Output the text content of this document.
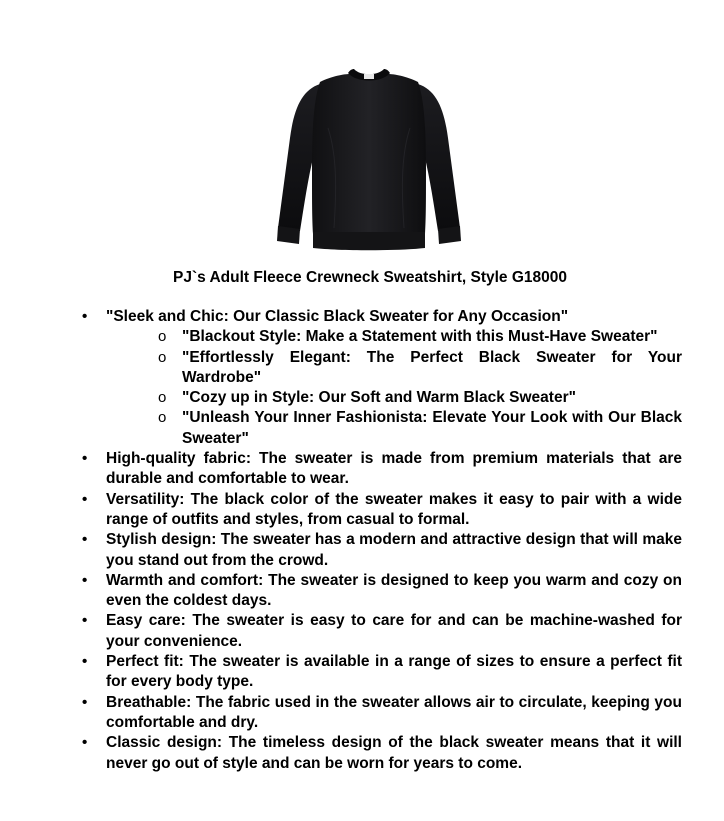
PJ`s Adult Fleece Crewneck Sweatshirt, Style G18000
• "Sleek and Chic: Our Classic Black Sweater for Any Occasion"
o "Blackout Style: Make a Statement with this Must-Have Sweater"
o "Effortlessly Elegant: The Perfect Black Sweater for Your Wardrobe"
o "Cozy up in Style: Our Soft and Warm Black Sweater"
o "Unleash Your Inner Fashionista: Elevate Your Look with Our Black Sweater"
• High-quality fabric: The sweater is made from premium materials that are durable and comfortable to wear.
• Versatility: The black color of the sweater makes it easy to pair with a wide range of outfits and styles, from casual to formal.
• Stylish design: The sweater has a modern and attractive design that will make you stand out from the crowd.
• Warmth and comfort: The sweater is designed to keep you warm and cozy on even the coldest days.
• Easy care: The sweater is easy to care for and can be machine-washed for your convenience.
• Perfect fit: The sweater is available in a range of sizes to ensure a perfect fit for every body type.
• Breathable: The fabric used in the sweater allows air to circulate, keeping you comfortable and dry.
• Classic design: The timeless design of the black sweater means that it will never go out of style and can be worn for years to come.
